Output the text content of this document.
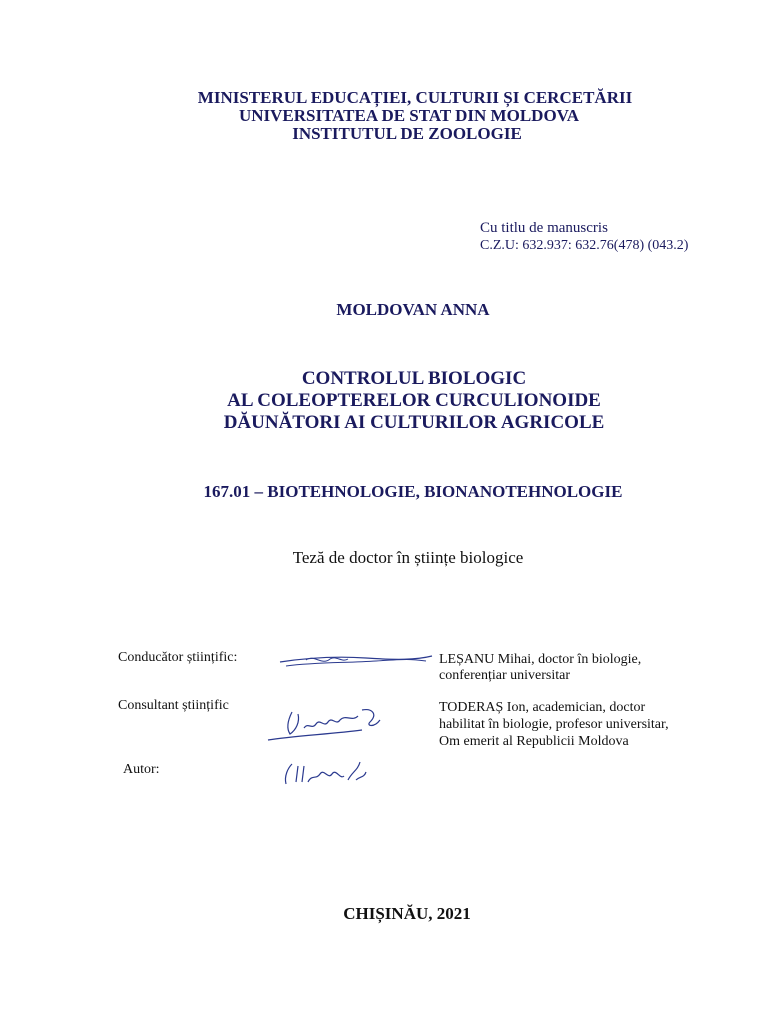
MINISTERUL EDUCAȚIEI, CULTURII ȘI CERCETĂRII
UNIVERSITATEA DE STAT DIN MOLDOVA
INSTITUTUL DE ZOOLOGIE
Cu titlu de manuscris
C.Z.U: 632.937: 632.76(478) (043.2)
MOLDOVAN ANNA
CONTROLUL BIOLOGIC
AL COLEOPTERELOR CURCULIONOIDE
DĂUNĂTORI AI CULTURILOR AGRICOLE
167.01 – BIOTEHNOLOGIE, BIONANOTEHNOLOGIE
Teză de doctor în științe biologice
Conducător științific:	LEȘANU Mihai, doctor în biologie,
conferențiar universitar
Consultant științific	TODERAȘ Ion, academician, doctor
habilitat în biologie, profesor universitar,
Om emerit al Republicii Moldova
Autor:
CHIȘINĂU, 2021
